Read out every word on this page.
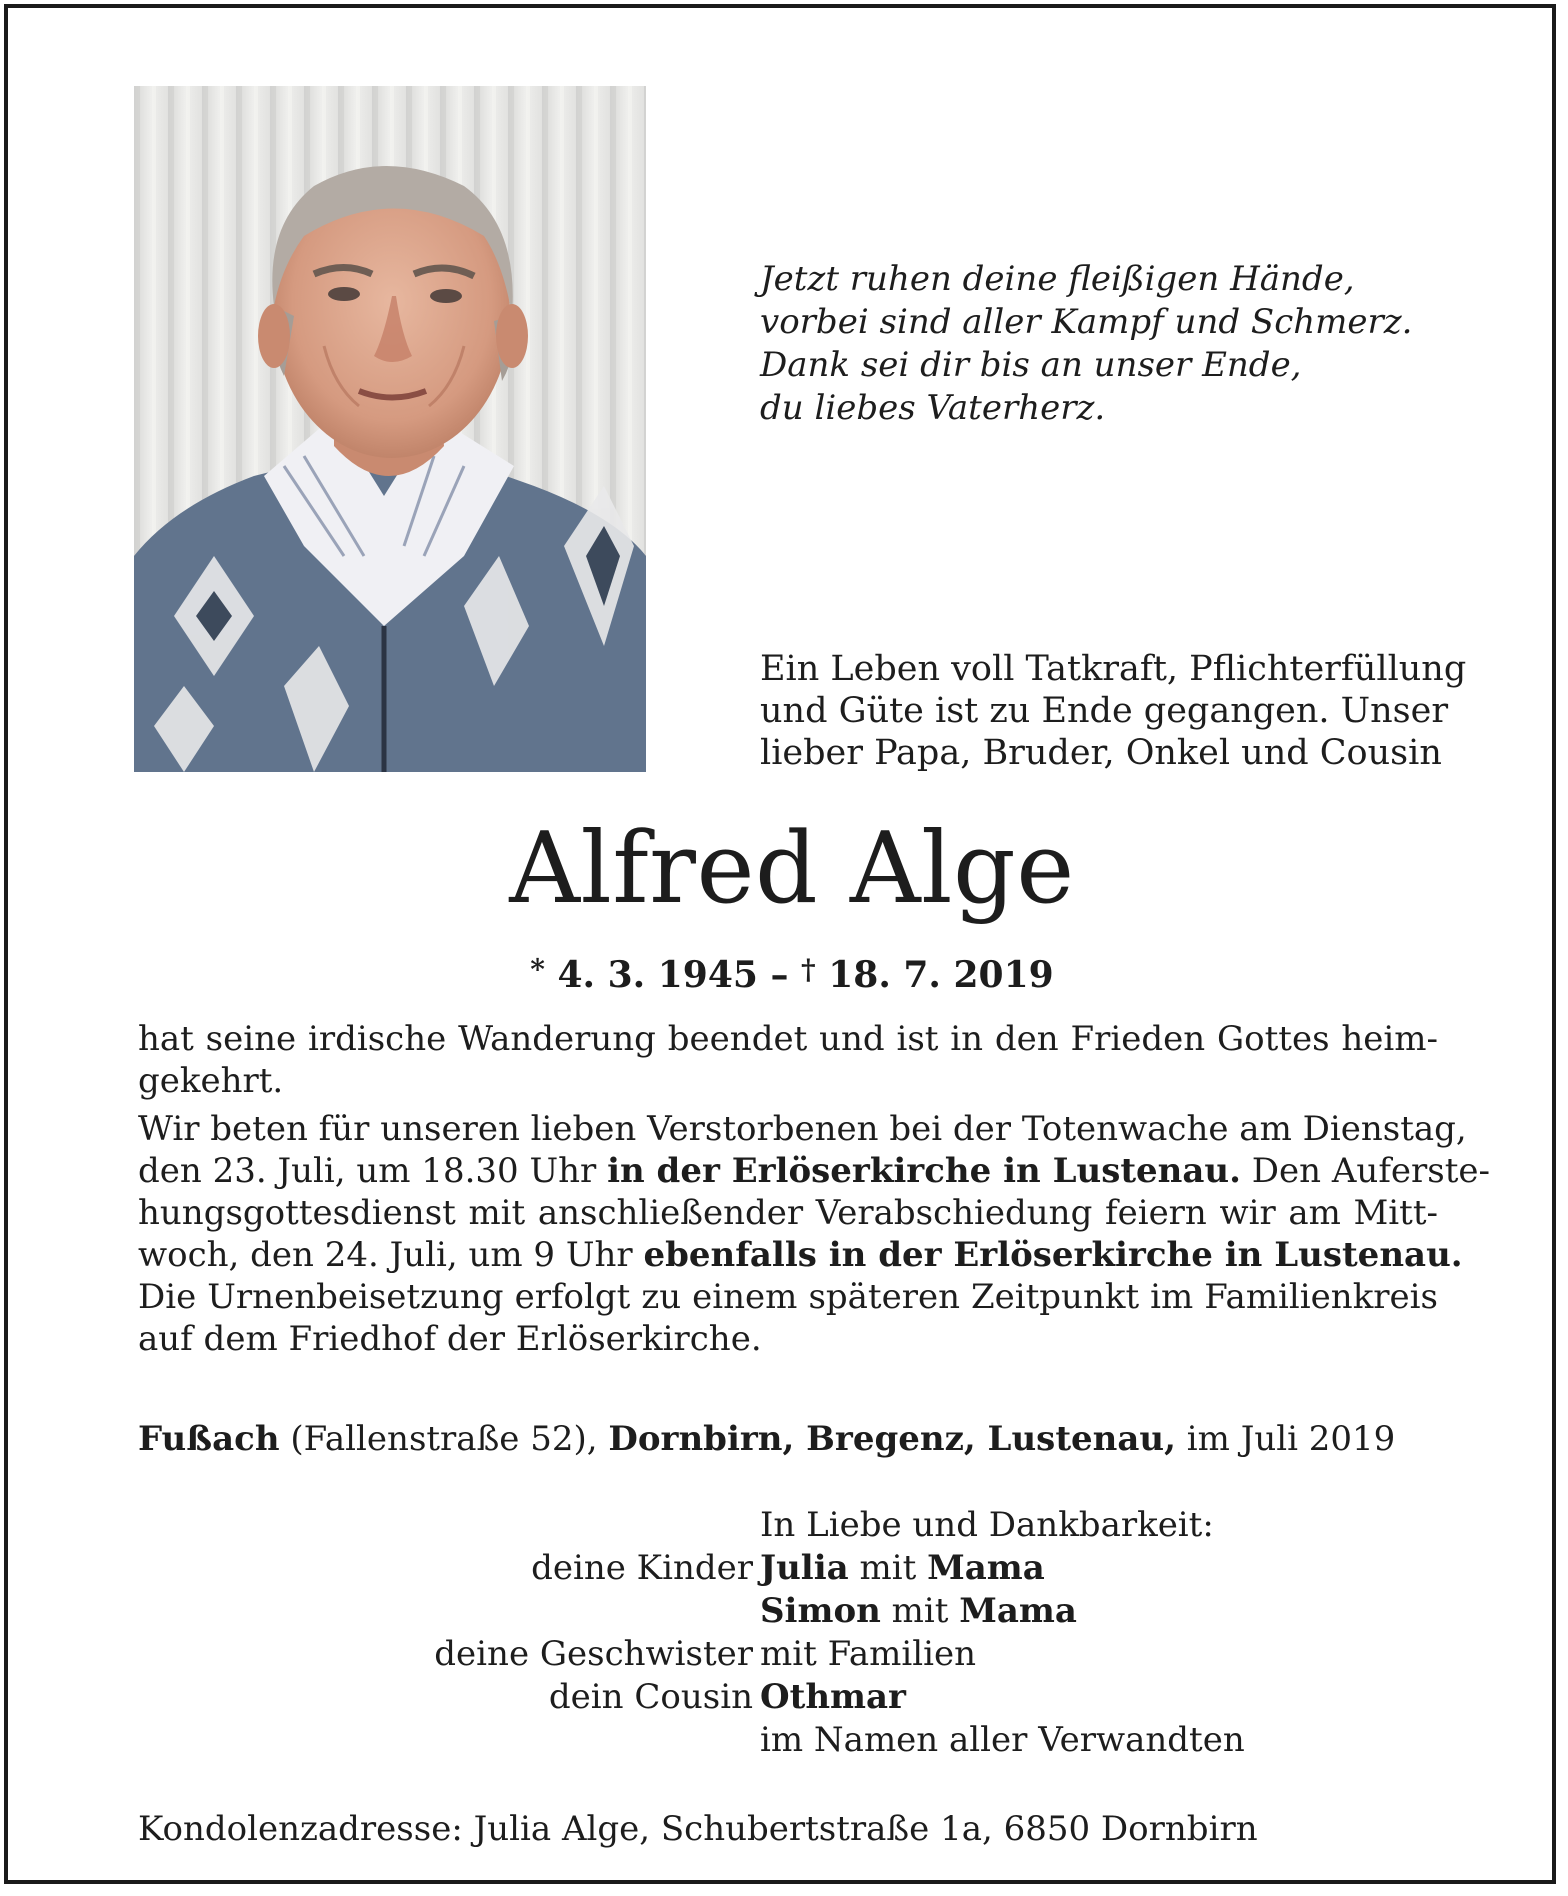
Jetzt ruhen deine fleißigen Hände,
vorbei sind aller Kampf und Schmerz.
Dank sei dir bis an unser Ende,
du liebes Vaterherz.
Ein Leben voll Tatkraft, Pflichterfüllung
und Güte ist zu Ende gegangen. Unser
lieber Papa, Bruder, Onkel und Cousin
Alfred Alge
* 4. 3. 1945 – † 18. 7. 2019
hat seine irdische Wanderung beendet und ist in den Frieden Gottes heim-
gekehrt.
Wir beten für unseren lieben Verstorbenen bei der Totenwache am Dienstag,
den 23. Juli, um 18.30 Uhr in der Erlöserkirche in Lustenau. Den Auferste-
hungsgottesdienst mit anschließender Verabschiedung feiern wir am Mitt-
woch, den 24. Juli, um 9 Uhr ebenfalls in der Erlöserkirche in Lustenau.
Die Urnenbeisetzung erfolgt zu einem späteren Zeitpunkt im Familienkreis
auf dem Friedhof der Erlöserkirche.
Fußach (Fallenstraße 52), Dornbirn, Bregenz, Lustenau, im Juli 2019
In Liebe und Dankbarkeit:
deine Kinder Julia mit Mama
Simon mit Mama
deine Geschwister mit Familien
dein Cousin Othmar
im Namen aller Verwandten
Kondolenzadresse: Julia Alge, Schubertstraße 1a, 6850 Dornbirn
